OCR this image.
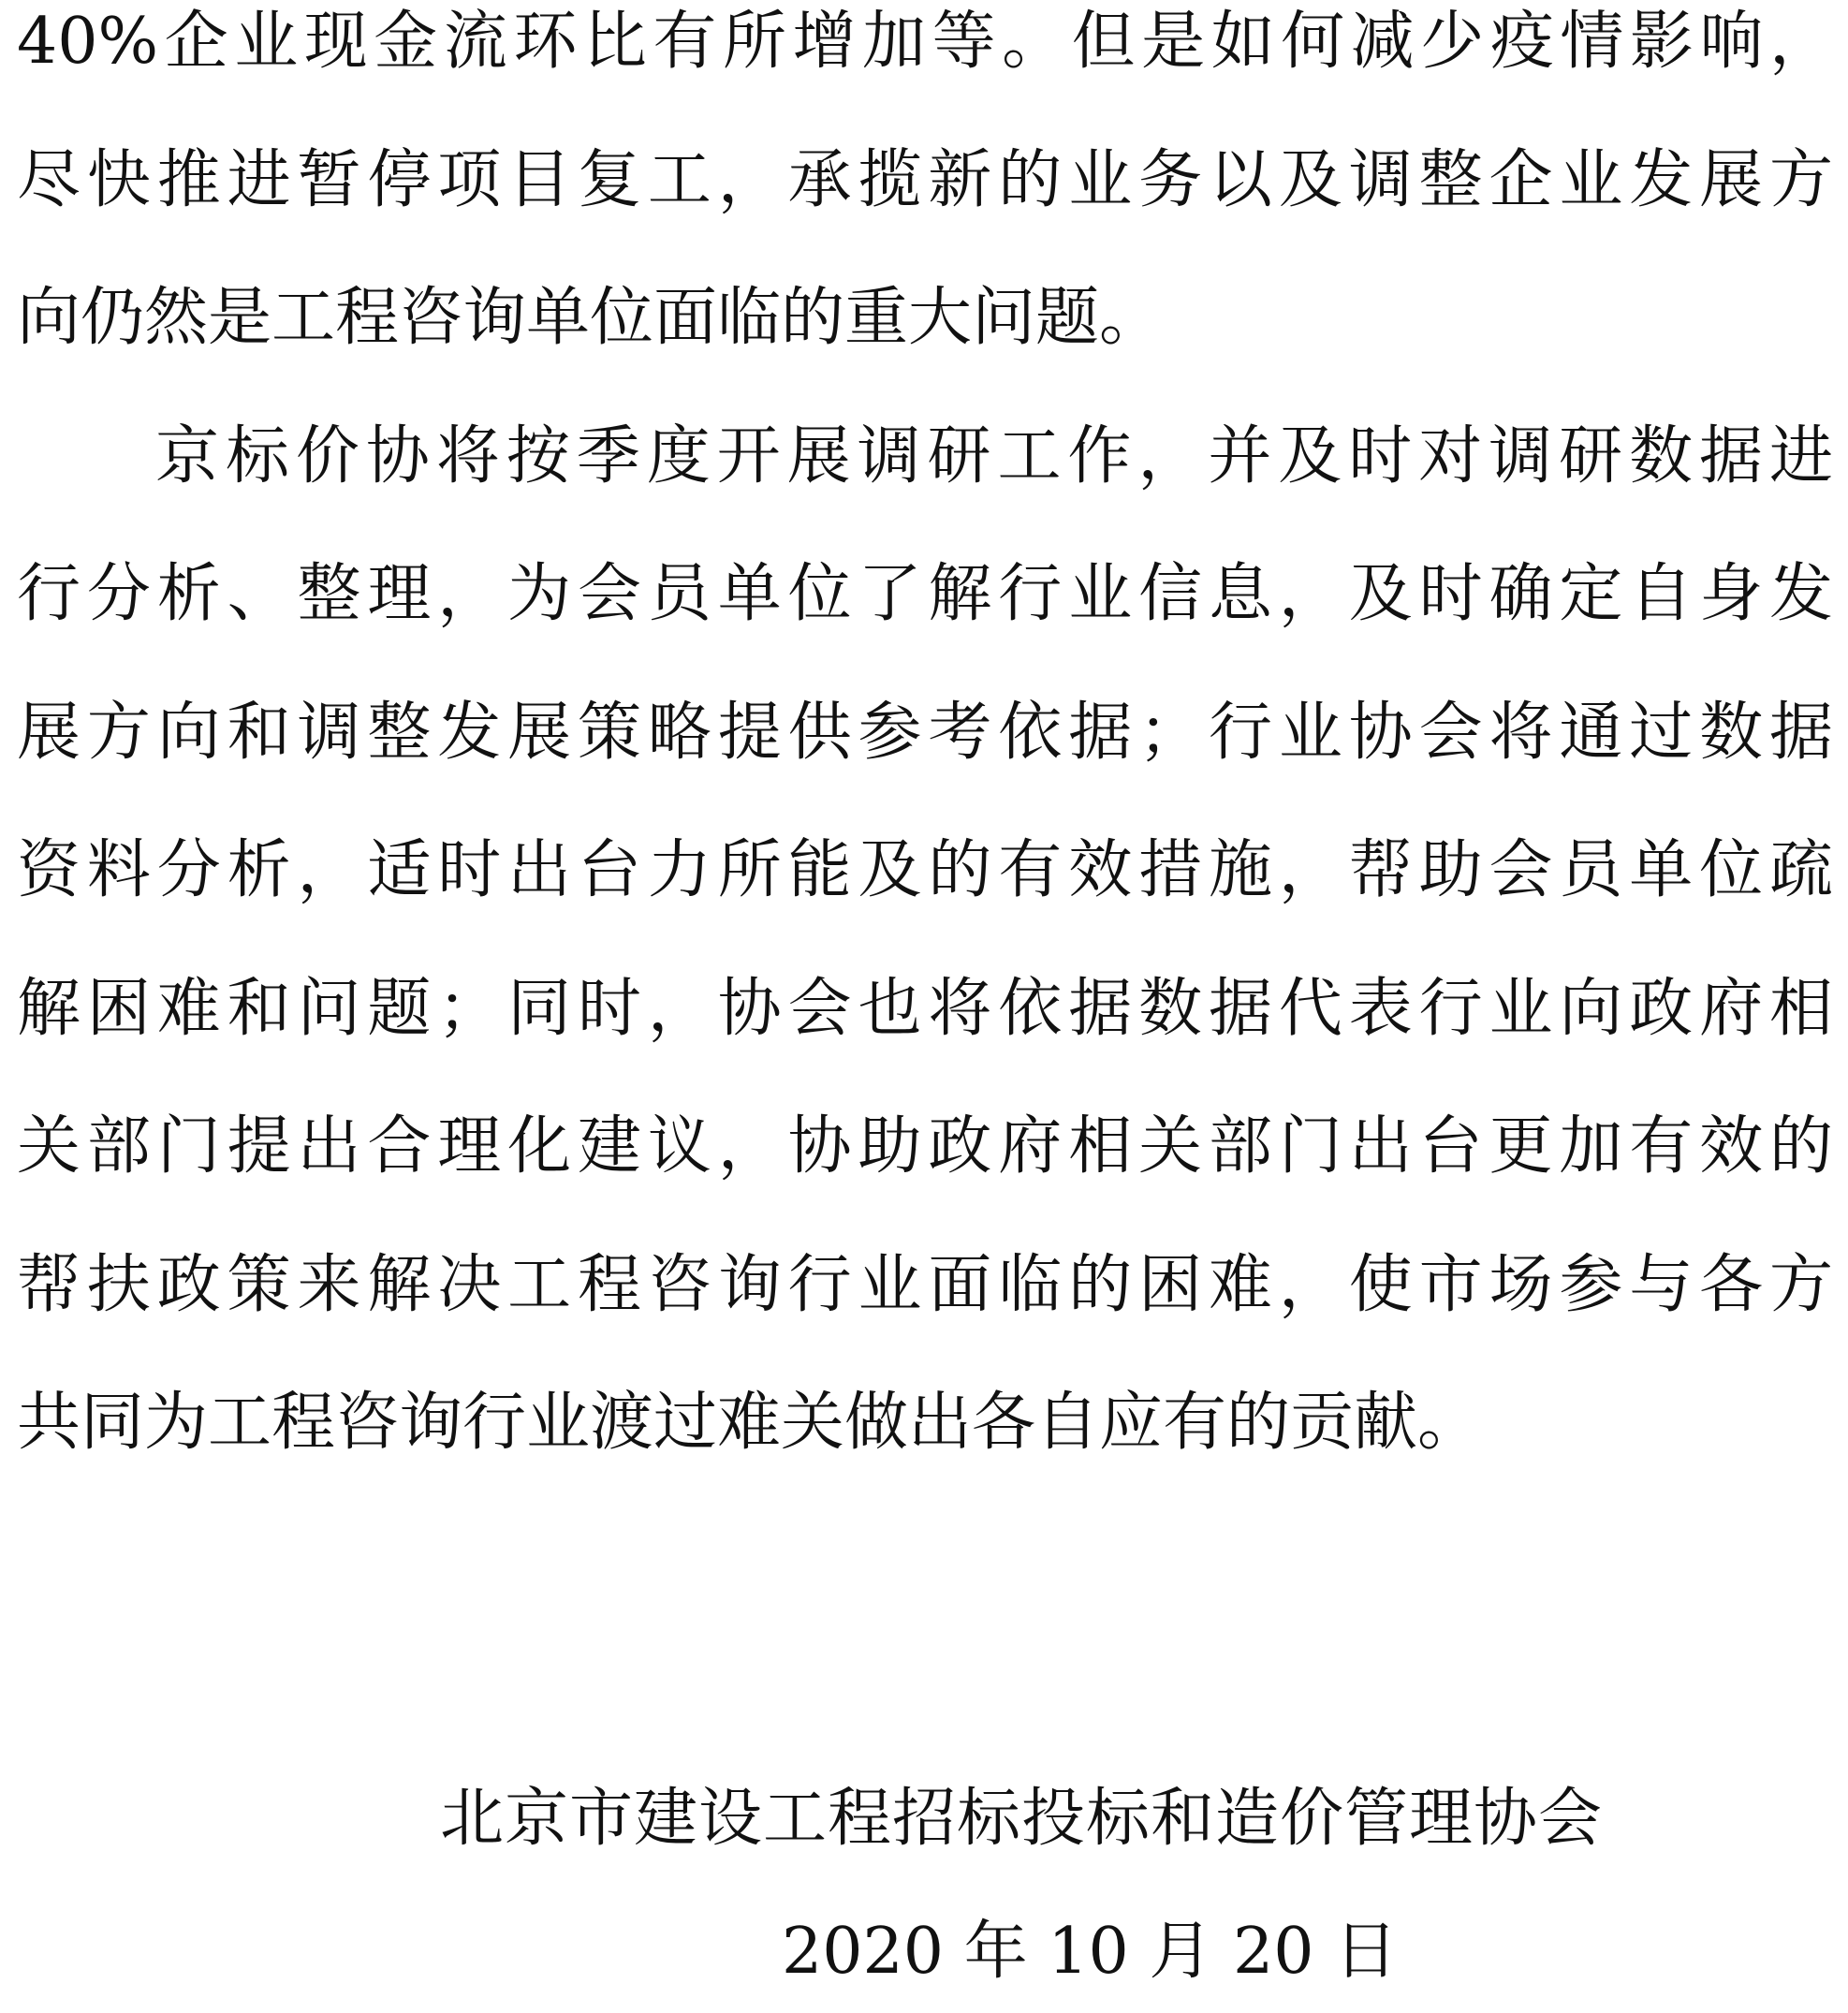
40%企业现金流环比有所增加等。但是如何减少疫情影响，
尽快推进暂停项目复工，承揽新的业务以及调整企业发展方
向仍然是工程咨询单位面临的重大问题。
京标价协将按季度开展调研工作，并及时对调研数据进
行分析、整理，为会员单位了解行业信息，及时确定自身发
展方向和调整发展策略提供参考依据；行业协会将通过数据
资料分析，适时出台力所能及的有效措施，帮助会员单位疏
解困难和问题；同时，协会也将依据数据代表行业向政府相
关部门提出合理化建议，协助政府相关部门出台更加有效的
帮扶政策来解决工程咨询行业面临的困难，使市场参与各方
共同为工程咨询行业渡过难关做出各自应有的贡献。
北京市建设工程招标投标和造价管理协会
2020 年 10 月 20 日
